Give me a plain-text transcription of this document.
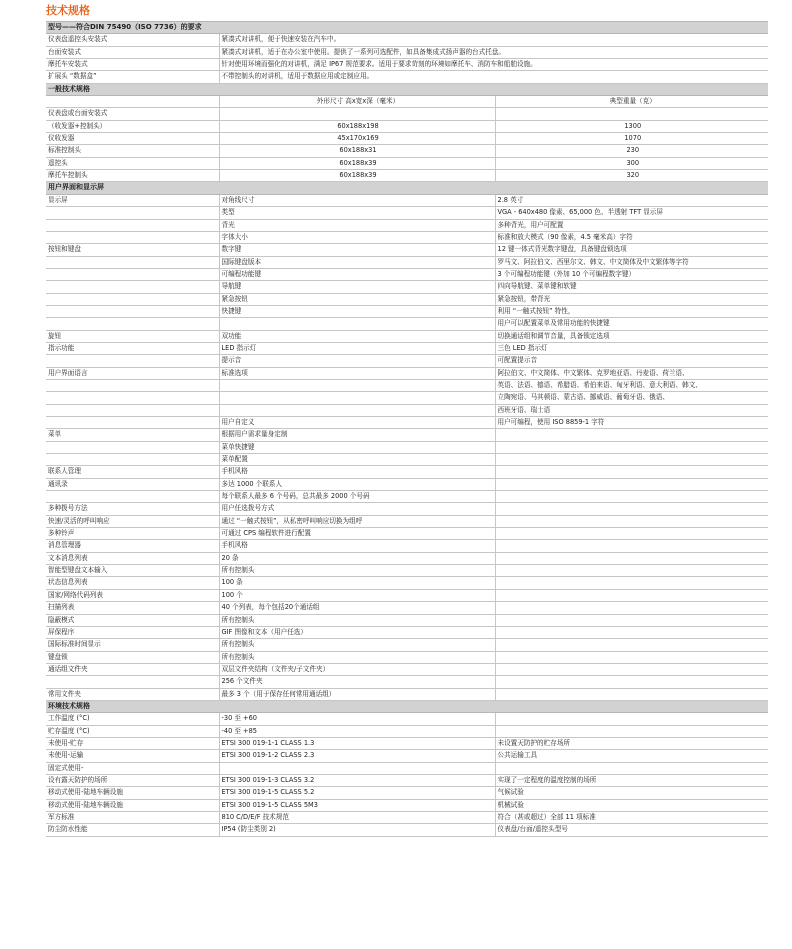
技术规格
型号——符合DIN 75490（ISO 7736）的要求		
仪表盘遥控头安装式	紧凑式对讲机，便于快速安装在汽车中。	
台面安装式	紧凑式对讲机，适于在办公室中使用。提供了一系列可选配件，如具备集成式扬声器的台式托盘。	
摩托车安装式	针对使用环境而强化的对讲机，满足 IP67 规范要求。适用于要求苛刻的环境如摩托车、消防车和船舶设施。	
扩展头 “数据盒”	不带控制头的对讲机，适用于数据应用或定制应用。	
一般技术规格		
	外形尺寸 高x宽x深（毫米）	典型重量（克）
仪表盘或台面安装式		
（收发器+控制头）	60x188x198	1300
仪收发器	45x170x169	1070
标准控制头	60x188x31	230
遥控头	60x188x39	300
摩托车控制头	60x188x39	320
用户界面和显示屏		
显示屏	对角线尺寸	2.8 英寸
	类型	VGA - 640x480 像素、65,000 色、半透射 TFT 显示屏
	背光	多种背光，用户可配置
	字体大小	标准和放大模式（90 像素，4.5 毫米高）字符
按钮和键盘	数字键	12 键一体式背光数字键盘，具备键盘锁选项
	国际键盘版本	罗马文、阿拉伯文、西里尔文、韩文、中文简体及中文繁体等字符
	可编程功能键	3 个可编程功能键（外加 10 个可编程数字键）
	导航键	四向导航键、菜单键和软键
	紧急按钮	紧急按钮，带背光
	快捷键	利用 “一触式按钮” 特性，
		用户可以配置菜单及常用功能的快捷键
旋钮	双功能	切换通话组和调节音量，具备锁定选项
指示功能	LED 指示灯	三色 LED 指示灯
	提示音	可配置提示音
用户界面语言	标准选项	阿拉伯文、中文简体、中文繁体、克罗地亚语、丹麦语、荷兰语、
		英语、法语、德语、希腊语、希伯来语、匈牙利语、意大利语、韩文、
		立陶宛语、马其顿语、蒙古语、挪威语、葡萄牙语、俄语、
		西班牙语、瑞士语
	用户自定义	用户可编程，使用 ISO 8859-1 字符
菜单	根据用户需求量身定制	
	菜单快捷键	
	菜单配置	
联系人管理	手机风格	
通讯录	多达 1000 个联系人	
	每个联系人最多 6 个号码，总共最多 2000 个号码	
多种拨号方法	用户任选拨号方式	
快速/灵活的呼叫响应	通过 “一触式按钮”，从私密呼叫响应切换为组呼	
多种铃声	可通过 CPS 编程软件进行配置	
消息管理器	手机风格	
文本消息列表	20 条	
智能型键盘文本输入	所有控制头	
状态信息列表	100 条	
国家/网络代码列表	100 个	
扫描列表	40 个列表，每个包括20个通话组	
隐蔽模式	所有控制头	
屏保程序	GIF 图像和文本（用户任选）	
国际标准时间显示	所有控制头	
键盘锁	所有控制头	
通话组文件夹	双层文件夹结构（文件夹/子文件夹）	
	256 个文件夹	
常用文件夹	最多 3 个（用于保存任何常用通话组）	
环境技术规格		
工作温度 (°C)	-30 至 +60	
贮存温度 (°C)	-40 至 +85	
未使用-贮存	ETSI 300 019-1-1 CLASS 1.3	未设置天防护的贮存场所
未使用-运输	ETSI 300 019-1-2 CLASS 2.3	公共运输工具
固定式使用-		
设有露天防护的场所	ETSI 300 019-1-3 CLASS 3.2	实现了一定程度的温度控制的场所
移动式使用-陆地车辆设施	ETSI 300 019-1-5 CLASS 5.2	气候试验
移动式使用-陆地车辆设施	ETSI 300 019-1-5 CLASS 5M3	机械试验
军方标准	810 C/D/E/F 技术规范	符合（甚或超过）全部 11 项标准
防尘防水性能	IP54 (防尘类别 2)	仪表盘/台面/遥控头型号
